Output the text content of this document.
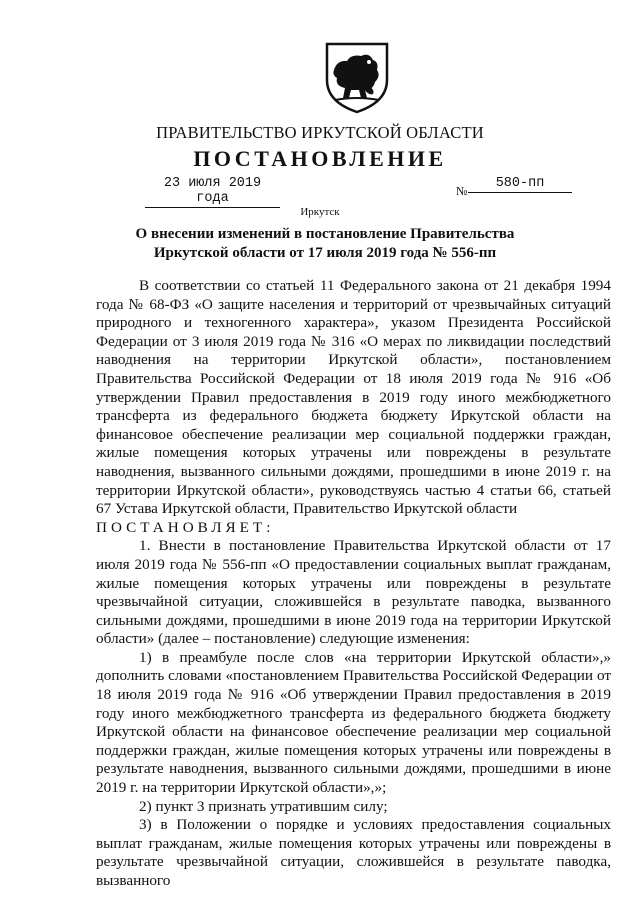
ПРАВИТЕЛЬСТВО ИРКУТСКОЙ ОБЛАСТИ
ПОСТАНОВЛЕНИЕ
23 июля 2019 года	№	580-пп
Иркутск
О внесении изменений в постановление Правительства
Иркутской области от 17 июля 2019 года № 556-пп

В соответствии со статьей 11 Федерального закона от 21 декабря 1994 года № 68-ФЗ «О защите населения и территорий от чрезвычайных ситуаций природного и техногенного характера», указом Президента Российской Федерации от 3 июля 2019 года № 316 «О мерах по ликвидации последствий наводнения на территории Иркутской области», постановлением Правительства Российской Федерации от 18 июля 2019 года № 916 «Об утверждении Правил предоставления в 2019 году иного межбюджетного трансферта из федерального бюджета бюджету Иркутской области на финансовое обеспечение реализации мер социальной поддержки граждан, жилые помещения которых утрачены или повреждены в результате наводнения, вызванного сильными дождями, прошедшими в июне 2019 г. на территории Иркутской области», руководствуясь частью 4 статьи 66, статьей 67 Устава Иркутской области, Правительство Иркутской области

ПОСТАНОВЛЯЕТ:

1. Внести в постановление Правительства Иркутской области от 17 июля 2019 года № 556-пп «О предоставлении социальных выплат гражданам, жилые помещения которых утрачены или повреждены в результате чрезвычайной ситуации, сложившейся в результате паводка, вызванного сильными дождями, прошедшими в июне 2019 года на территории Иркутской области» (далее – постановление) следующие изменения:

1) в преамбуле после слов «на территории Иркутской области»,» дополнить словами «постановлением Правительства Российской Федерации от 18 июля 2019 года № 916 «Об утверждении Правил предоставления в 2019 году иного межбюджетного трансферта из федерального бюджета бюджету Иркутской области на финансовое обеспечение реализации мер социальной поддержки граждан, жилые помещения которых утрачены или повреждены в результате наводнения, вызванного сильными дождями, прошедшими в июне 2019 г. на территории Иркутской области»,»;

2) пункт 3 признать утратившим силу;

3) в Положении о порядке и условиях предоставления социальных выплат гражданам, жилые помещения которых утрачены или повреждены в результате чрезвычайной ситуации, сложившейся в результате паводка, вызванного
